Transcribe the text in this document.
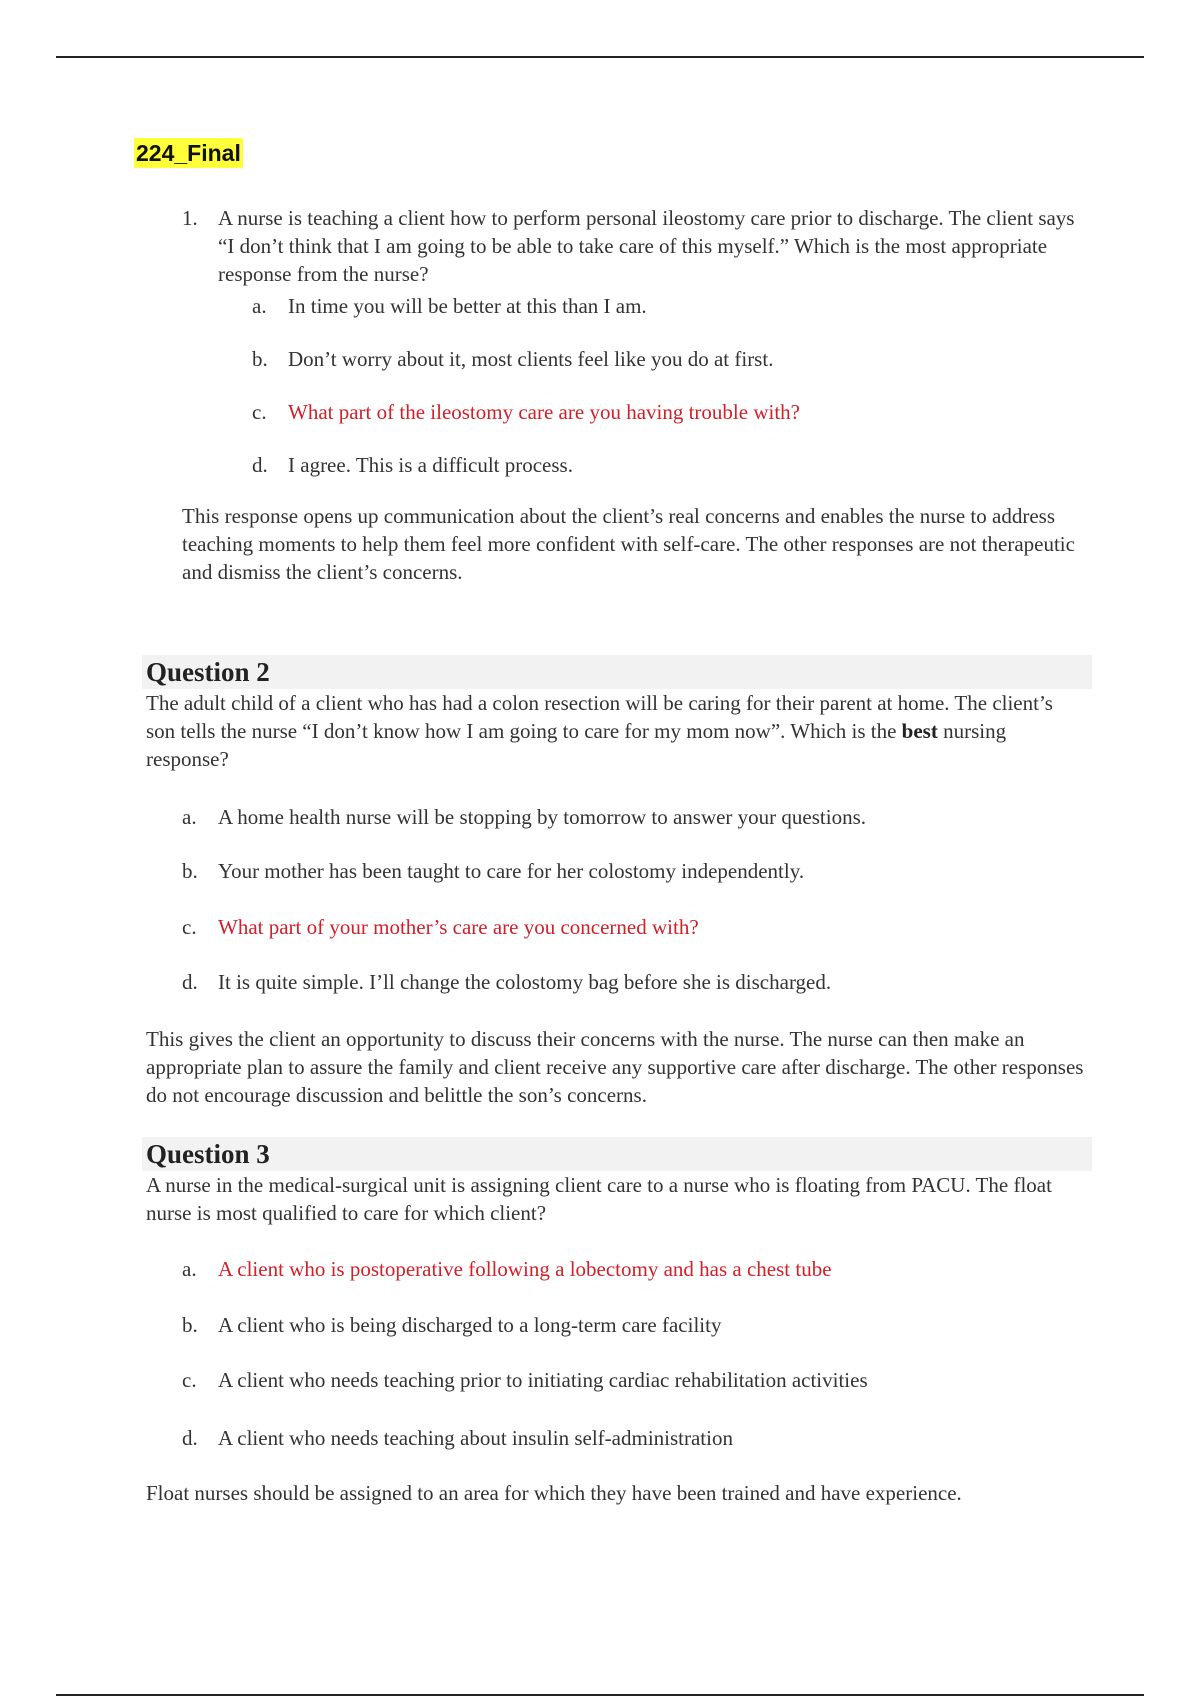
224_Final
1. A nurse is teaching a client how to perform personal ileostomy care prior to discharge. The client says “I don’t think that I am going to be able to take care of this myself.” Which is the most appropriate response from the nurse?
a. In time you will be better at this than I am.
b. Don’t worry about it, most clients feel like you do at first.
c. What part of the ileostomy care are you having trouble with?
d. I agree. This is a difficult process.
This response opens up communication about the client’s real concerns and enables the nurse to address teaching moments to help them feel more confident with self-care. The other responses are not therapeutic and dismiss the client’s concerns.
Question 2
The adult child of a client who has had a colon resection will be caring for their parent at home. The client’s son tells the nurse “I don’t know how I am going to care for my mom now”. Which is the best nursing response?
a. A home health nurse will be stopping by tomorrow to answer your questions.
b. Your mother has been taught to care for her colostomy independently.
c. What part of your mother’s care are you concerned with?
d. It is quite simple. I’ll change the colostomy bag before she is discharged.
This gives the client an opportunity to discuss their concerns with the nurse. The nurse can then make an appropriate plan to assure the family and client receive any supportive care after discharge. The other responses do not encourage discussion and belittle the son’s concerns.
Question 3
A nurse in the medical-surgical unit is assigning client care to a nurse who is floating from PACU. The float nurse is most qualified to care for which client?
a. A client who is postoperative following a lobectomy and has a chest tube
b. A client who is being discharged to a long-term care facility
c. A client who needs teaching prior to initiating cardiac rehabilitation activities
d. A client who needs teaching about insulin self-administration
Float nurses should be assigned to an area for which they have been trained and have experience.
